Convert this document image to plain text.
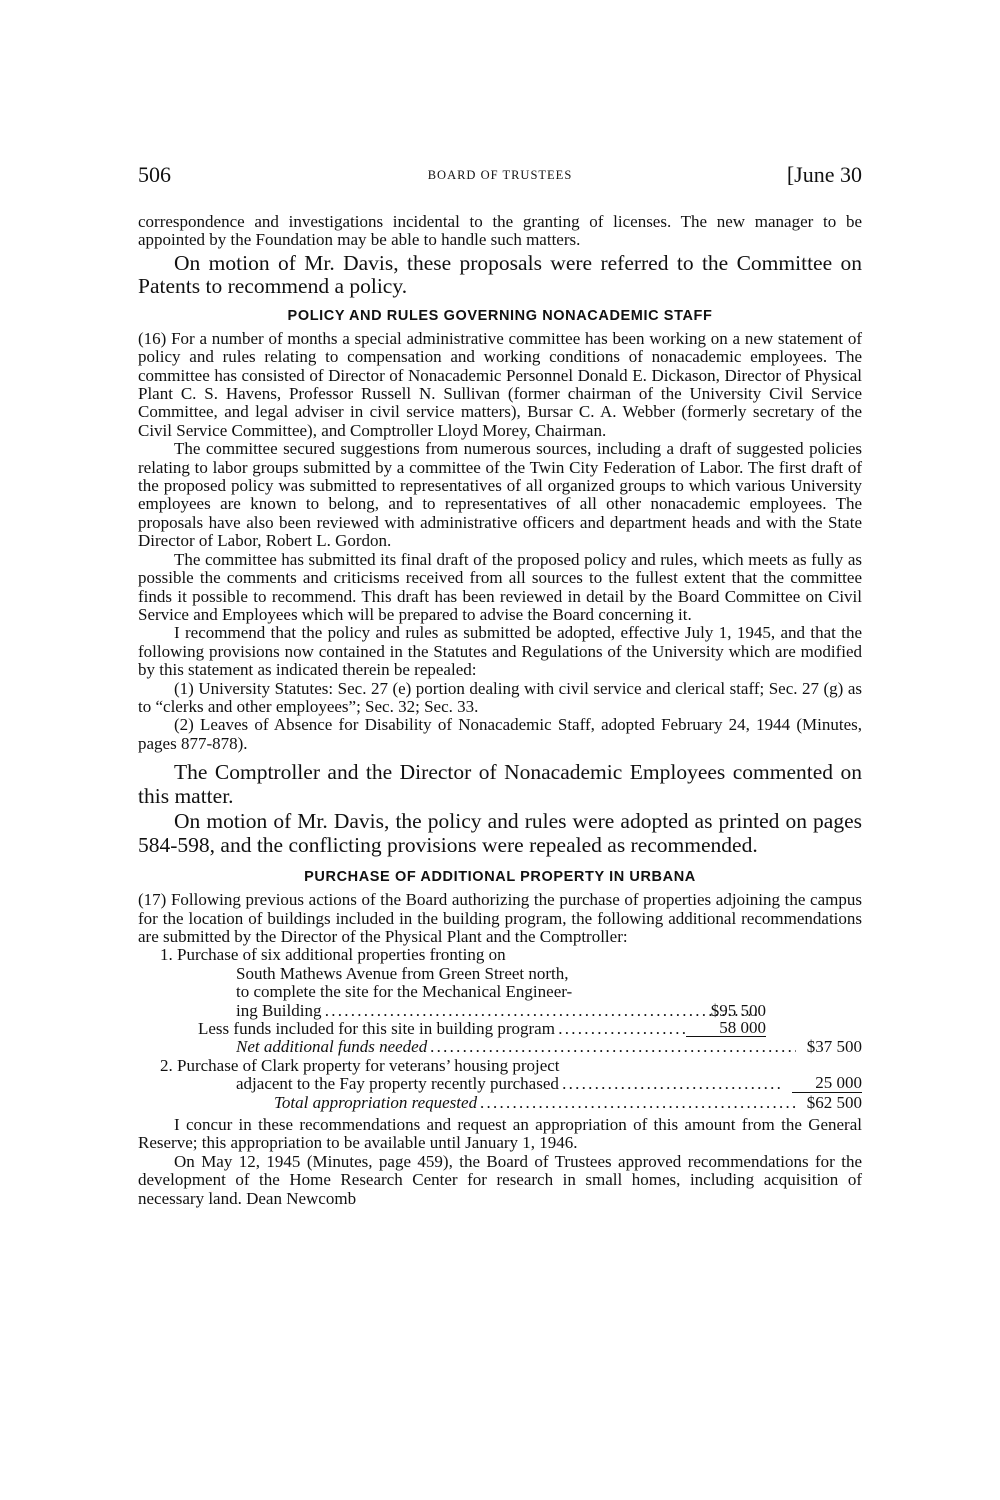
506	BOARD OF TRUSTEES	[June 30

correspondence and investigations incidental to the granting of licenses. The new manager to be appointed by the Foundation may be able to handle such matters.

On motion of Mr. Davis, these proposals were referred to the Committee on Patents to recommend a policy.

POLICY AND RULES GOVERNING NONACADEMIC STAFF

(16) For a number of months a special administrative committee has been working on a new statement of policy and rules relating to compensation and working conditions of nonacademic employees. The committee has consisted of Director of Nonacademic Personnel Donald E. Dickason, Director of Physical Plant C. S. Havens, Professor Russell N. Sullivan (former chairman of the University Civil Service Committee, and legal adviser in civil service matters), Bursar C. A. Webber (formerly secretary of the Civil Service Committee), and Comptroller Lloyd Morey, Chairman.

The committee secured suggestions from numerous sources, including a draft of suggested policies relating to labor groups submitted by a committee of the Twin City Federation of Labor. The first draft of the proposed policy was submitted to representatives of all organized groups to which various University employees are known to belong, and to representatives of all other nonacademic employees. The proposals have also been reviewed with administrative officers and department heads and with the State Director of Labor, Robert L. Gordon.

The committee has submitted its final draft of the proposed policy and rules, which meets as fully as possible the comments and criticisms received from all sources to the fullest extent that the committee finds it possible to recommend. This draft has been reviewed in detail by the Board Committee on Civil Service and Employees which will be prepared to advise the Board concerning it.

I recommend that the policy and rules as submitted be adopted, effective July 1, 1945, and that the following provisions now contained in the Statutes and Regulations of the University which are modified by this statement as indicated therein be repealed:

(1) University Statutes: Sec. 27 (e) portion dealing with civil service and clerical staff; Sec. 27 (g) as to “clerks and other employees”; Sec. 32; Sec. 33.

(2) Leaves of Absence for Disability of Nonacademic Staff, adopted February 24, 1944 (Minutes, pages 877-878).

The Comptroller and the Director of Nonacademic Employees commented on this matter.

On motion of Mr. Davis, the policy and rules were adopted as printed on pages 584-598, and the conflicting provisions were repealed as recommended.

PURCHASE OF ADDITIONAL PROPERTY IN URBANA

(17) Following previous actions of the Board authorizing the purchase of properties adjoining the campus for the location of buildings included in the building program, the following additional recommendations are submitted by the Director of the Physical Plant and the Comptroller:

1. Purchase of six additional properties fronting on
South Mathews Avenue from Green Street north,
to complete the site for the Mechanical Engineer-
ing Building . . .	$95 500
Less funds included for this site in building program . . .	58 000
Net additional funds needed . . .	$37 500
2. Purchase of Clark property for veterans’ housing project
adjacent to the Fay property recently purchased . . .	25 000
Total appropriation requested . . .	$62 500

I concur in these recommendations and request an appropriation of this amount from the General Reserve; this appropriation to be available until January 1, 1946.

On May 12, 1945 (Minutes, page 459), the Board of Trustees approved recommendations for the development of the Home Research Center for research in small homes, including acquisition of necessary land. Dean Newcomb
